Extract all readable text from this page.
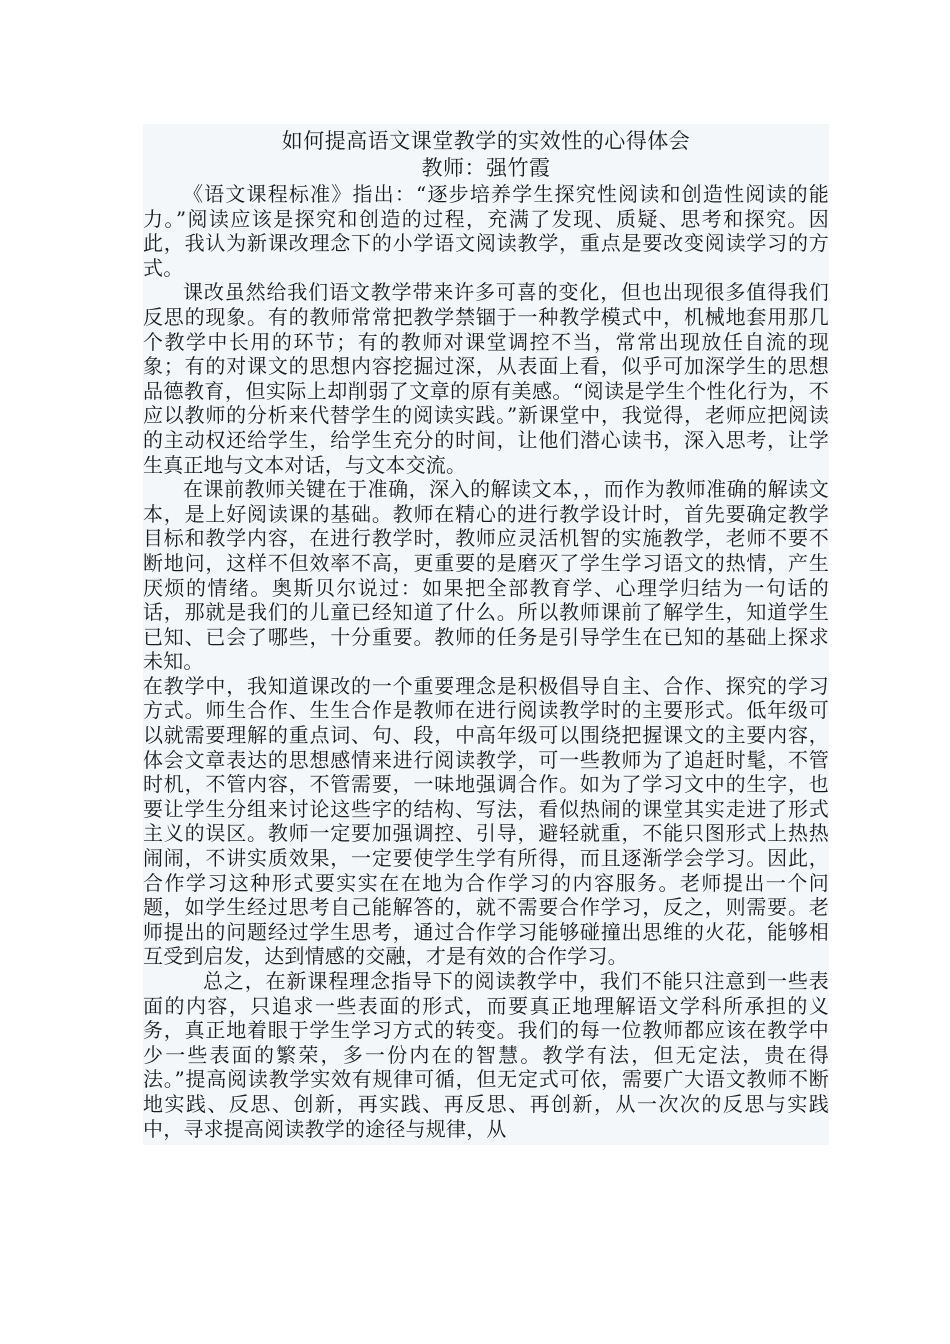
如何提高语文课堂教学的实效性的心得体会

教师：强竹霞

《语文课程标准》指出：“逐步培养学生探究性阅读和创造性阅读的能力。”阅读应该是探究和创造的过程，充满了发现、质疑、思考和探究。因此，我认为新课改理念下的小学语文阅读教学，重点是要改变阅读学习的方式。

课改虽然给我们语文教学带来许多可喜的变化，但也出现很多值得我们反思的现象。有的教师常常把教学禁锢于一种教学模式中，机械地套用那几个教学中长用的环节；有的教师对课堂调控不当，常常出现放任自流的现象；有的对课文的思想内容挖掘过深，从表面上看，似乎可加深学生的思想品德教育，但实际上却削弱了文章的原有美感。“阅读是学生个性化行为，不应以教师的分析来代替学生的阅读实践。”新课堂中，我觉得，老师应把阅读的主动权还给学生，给学生充分的时间，让他们潜心读书，深入思考，让学生真正地与文本对话，与文本交流。

在课前教师关键在于准确，深入的解读文本，，而作为教师准确的解读文本，是上好阅读课的基础。教师在精心的进行教学设计时，首先要确定教学目标和教学内容，在进行教学时，教师应灵活机智的实施教学，老师不要不断地问，这样不但效率不高，更重要的是磨灭了学生学习语文的热情，产生厌烦的情绪。奥斯贝尔说过：如果把全部教育学、心理学归结为一句话的话，那就是我们的儿童已经知道了什么。所以教师课前了解学生，知道学生已知、已会了哪些，十分重要。教师的任务是引导学生在已知的基础上探求未知。

在教学中，我知道课改的一个重要理念是积极倡导自主、合作、探究的学习方式。师生合作、生生合作是教师在进行阅读教学时的主要形式。低年级可以就需要理解的重点词、句、段，中高年级可以围绕把握课文的主要内容，体会文章表达的思想感情来进行阅读教学，可一些教师为了追赶时髦，不管时机，不管内容，不管需要，一味地强调合作。如为了学习文中的生字，也要让学生分组来讨论这些字的结构、写法，看似热闹的课堂其实走进了形式主义的误区。教师一定要加强调控、引导，避轻就重，不能只图形式上热热闹闹，不讲实质效果，一定要使学生学有所得，而且逐渐学会学习。因此，合作学习这种形式要实实在在地为合作学习的内容服务。老师提出一个问题，如学生经过思考自己能解答的，就不需要合作学习，反之，则需要。老师提出的问题经过学生思考，通过合作学习能够碰撞出思维的火花，能够相互受到启发，达到情感的交融，才是有效的合作学习。

总之，在新课程理念指导下的阅读教学中，我们不能只注意到一些表面的内容，只追求一些表面的形式，而要真正地理解语文学科所承担的义务，真正地着眼于学生学习方式的转变。我们的每一位教师都应该在教学中少一些表面的繁荣，多一份内在的智慧。教学有法，但无定法，贵在得法。”提高阅读教学实效有规律可循，但无定式可依，需要广大语文教师不断地实践、反思、创新，再实践、再反思、再创新，从一次次的反思与实践中，寻求提高阅读教学的途径与规律，从
